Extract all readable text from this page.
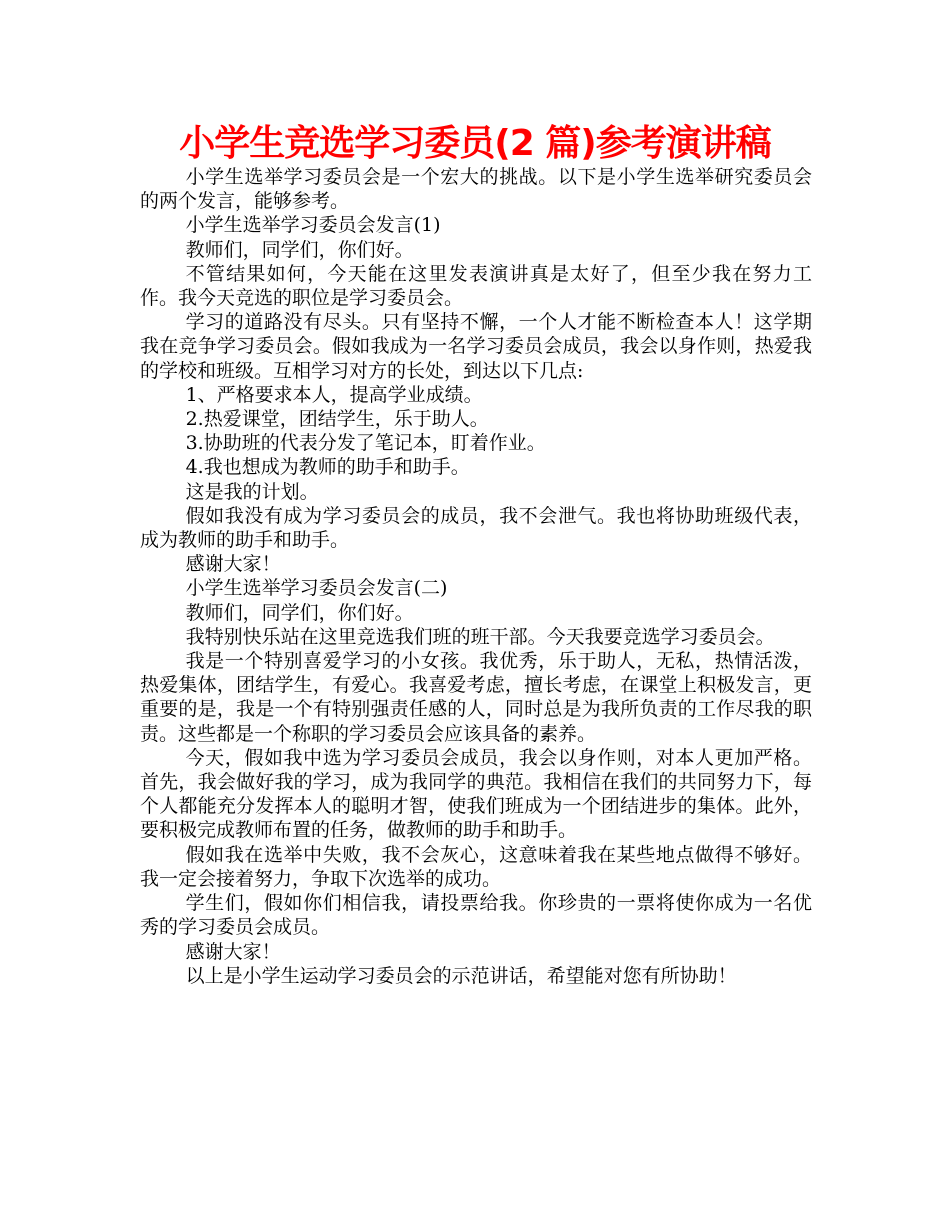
小学生竞选学习委员(2 篇)参考演讲稿

小学生选举学习委员会是一个宏大的挑战。以下是小学生选举研究委员会的两个发言，能够参考。

小学生选举学习委员会发言(1)

教师们，同学们，你们好。

不管结果如何，今天能在这里发表演讲真是太好了，但至少我在努力工作。我今天竞选的职位是学习委员会。

学习的道路没有尽头。只有坚持不懈，一个人才能不断检查本人！这学期我在竞争学习委员会。假如我成为一名学习委员会成员，我会以身作则，热爱我的学校和班级。互相学习对方的长处，到达以下几点:

1、严格要求本人，提高学业成绩。

2.热爱课堂，团结学生，乐于助人。

3.协助班的代表分发了笔记本，盯着作业。

4.我也想成为教师的助手和助手。

这是我的计划。

假如我没有成为学习委员会的成员，我不会泄气。我也将协助班级代表，成为教师的助手和助手。

感谢大家！

小学生选举学习委员会发言(二)

教师们，同学们，你们好。

我特别快乐站在这里竞选我们班的班干部。今天我要竞选学习委员会。

我是一个特别喜爱学习的小女孩。我优秀，乐于助人，无私，热情活泼，热爱集体，团结学生，有爱心。我喜爱考虑，擅长考虑，在课堂上积极发言，更重要的是，我是一个有特别强责任感的人，同时总是为我所负责的工作尽我的职责。这些都是一个称职的学习委员会应该具备的素养。

今天，假如我中选为学习委员会成员，我会以身作则，对本人更加严格。首先，我会做好我的学习，成为我同学的典范。我相信在我们的共同努力下，每个人都能充分发挥本人的聪明才智，使我们班成为一个团结进步的集体。此外，要积极完成教师布置的任务，做教师的助手和助手。

假如我在选举中失败，我不会灰心，这意味着我在某些地点做得不够好。我一定会接着努力，争取下次选举的成功。

学生们，假如你们相信我，请投票给我。你珍贵的一票将使你成为一名优秀的学习委员会成员。

感谢大家！

以上是小学生运动学习委员会的示范讲话，希望能对您有所协助！
